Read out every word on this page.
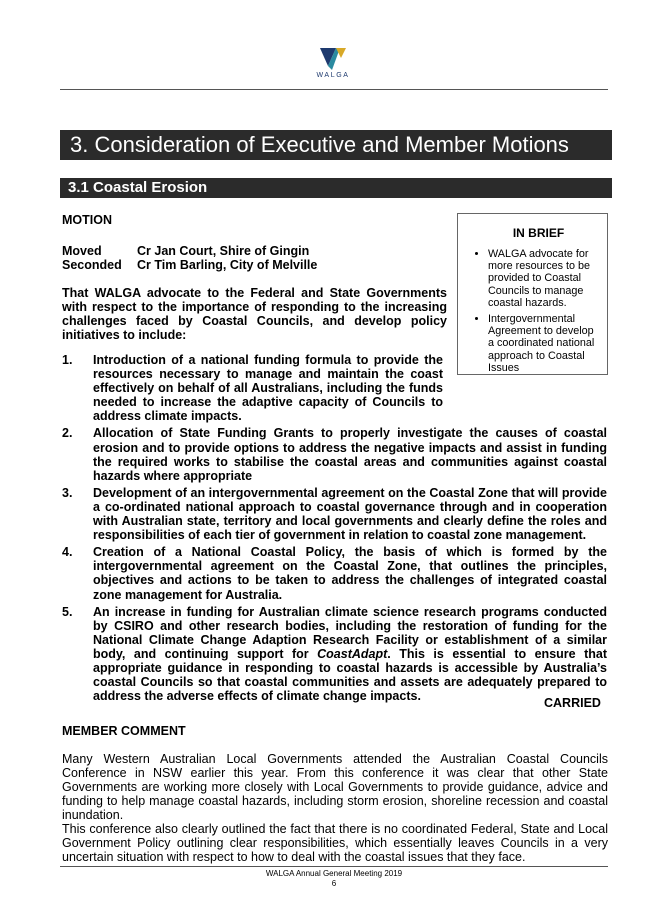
WALGA
3. Consideration of Executive and Member Motions
3.1 Coastal Erosion
MOTION
Moved	Cr Jan Court, Shire of Gingin
Seconded Cr Tim Barling, City of Melville
That WALGA advocate to the Federal and State Governments with respect to the importance of responding to the increasing challenges faced by Coastal Councils, and develop policy initiatives to include:
1. Introduction of a national funding formula to provide the resources necessary to manage and maintain the coast effectively on behalf of all Australians, including the funds needed to increase the adaptive capacity of Councils to address climate impacts.
2. Allocation of State Funding Grants to properly investigate the causes of coastal erosion and to provide options to address the negative impacts and assist in funding the required works to stabilise the coastal areas and communities against coastal hazards where appropriate
3. Development of an intergovernmental agreement on the Coastal Zone that will provide a co-ordinated national approach to coastal governance through and in cooperation with Australian state, territory and local governments and clearly define the roles and responsibilities of each tier of government in relation to coastal zone management.
4. Creation of a National Coastal Policy, the basis of which is formed by the intergovernmental agreement on the Coastal Zone, that outlines the principles, objectives and actions to be taken to address the challenges of integrated coastal zone management for Australia.
5. An increase in funding for Australian climate science research programs conducted by CSIRO and other research bodies, including the restoration of funding for the National Climate Change Adaption Research Facility or establishment of a similar body, and continuing support for CoastAdapt. This is essential to ensure that appropriate guidance in responding to coastal hazards is accessible by Australia’s coastal Councils so that coastal communities and assets are adequately prepared to address the adverse effects of climate change impacts.
IN BRIEF
• WALGA advocate for more resources to be provided to Coastal Councils to manage coastal hazards.
• Intergovernmental Agreement to develop a coordinated national approach to Coastal Issues
CARRIED
MEMBER COMMENT
Many Western Australian Local Governments attended the Australian Coastal Councils Conference in NSW earlier this year. From this conference it was clear that other State Governments are working more closely with Local Governments to provide guidance, advice and funding to help manage coastal hazards, including storm erosion, shoreline recession and coastal inundation.
This conference also clearly outlined the fact that there is no coordinated Federal, State and Local Government Policy outlining clear responsibilities, which essentially leaves Councils in a very uncertain situation with respect to how to deal with the coastal issues that they face.
WALGA Annual General Meeting 2019
6
